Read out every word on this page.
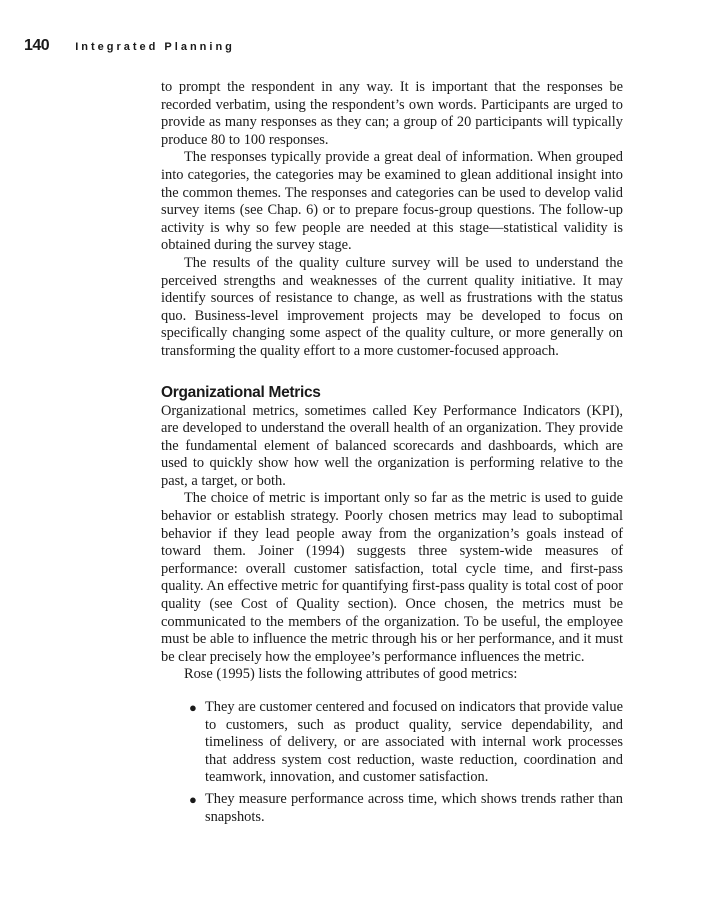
140 Integrated Planning

to prompt the respondent in any way. It is important that the responses be recorded verbatim, using the respondent’s own words. Participants are urged to provide as many responses as they can; a group of 20 participants will typically produce 80 to 100 responses.

The responses typically provide a great deal of information. When grouped into categories, the categories may be examined to glean additional insight into the common themes. The responses and categories can be used to develop valid survey items (see Chap. 6) or to prepare focus-group questions. The follow-up activity is why so few people are needed at this stage—statistical validity is obtained during the survey stage.

The results of the quality culture survey will be used to understand the perceived strengths and weaknesses of the current quality initiative. It may identify sources of resistance to change, as well as frustrations with the status quo. Business-level improvement projects may be developed to focus on specifically changing some aspect of the quality culture, or more generally on transforming the quality effort to a more customer-focused approach.

Organizational Metrics

Organizational metrics, sometimes called Key Performance Indicators (KPI), are developed to understand the overall health of an organization. They provide the fundamental element of balanced scorecards and dashboards, which are used to quickly show how well the organization is performing relative to the past, a target, or both.

The choice of metric is important only so far as the metric is used to guide behavior or establish strategy. Poorly chosen metrics may lead to suboptimal behavior if they lead people away from the organization’s goals instead of toward them. Joiner (1994) suggests three system-wide measures of performance: overall customer satisfaction, total cycle time, and first-pass quality. An effective metric for quantifying first-pass quality is total cost of poor quality (see Cost of Quality section). Once chosen, the metrics must be communicated to the members of the organization. To be useful, the employee must be able to influence the metric through his or her performance, and it must be clear precisely how the employee’s performance influences the metric.

Rose (1995) lists the following attributes of good metrics:

● They are customer centered and focused on indicators that provide value to customers, such as product quality, service dependability, and timeliness of delivery, or are associated with internal work processes that address system cost reduction, waste reduction, coordination and teamwork, innovation, and customer satisfaction.
● They measure performance across time, which shows trends rather than snapshots.
